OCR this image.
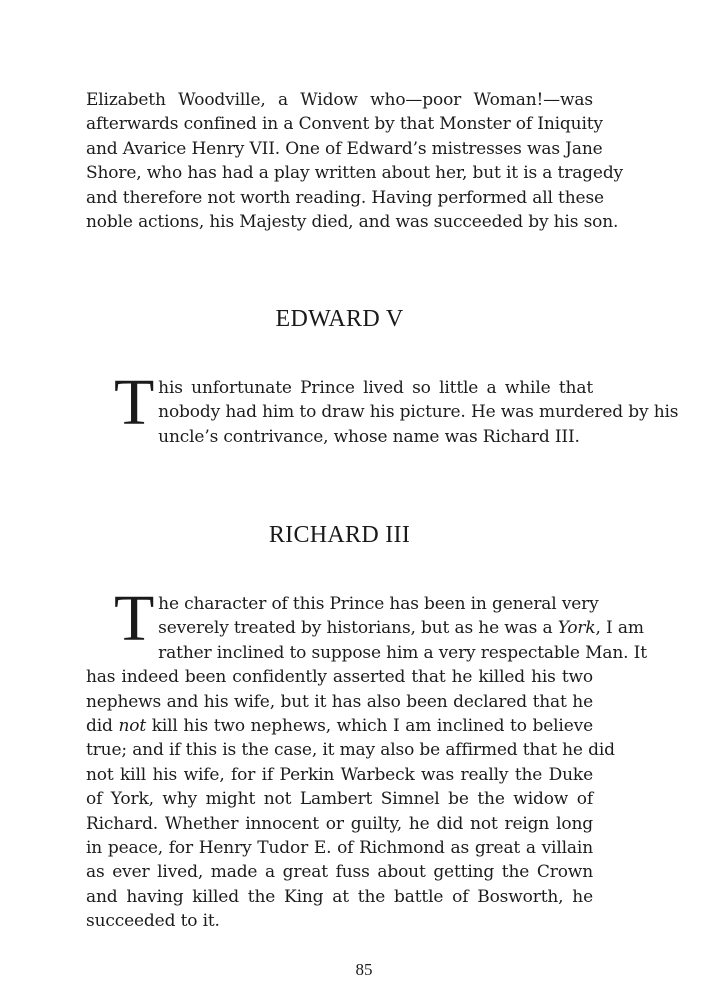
Elizabeth Woodville, a Widow who—poor Woman!—was
afterwards confined in a Convent by that Monster of Iniquity
and Avarice Henry VII. One of Edward’s mistresses was Jane
Shore, who has had a play written about her, but it is a tragedy
and therefore not worth reading. Having performed all these
noble actions, his Majesty died, and was succeeded by his son.
EDWARD V
T his unfortunate Prince lived so little a while that
nobody had him to draw his picture. He was murdered by his
uncle’s contrivance, whose name was Richard III.
RICHARD III
T he character of this Prince has been in general very
severely treated by historians, but as he was a York, I am
rather inclined to suppose him a very respectable Man. It
has indeed been confidently asserted that he killed his two
nephews and his wife, but it has also been declared that he
did not kill his two nephews, which I am inclined to believe
true; and if this is the case, it may also be affirmed that he did
not kill his wife, for if Perkin Warbeck was really the Duke
of York, why might not Lambert Simnel be the widow of
Richard. Whether innocent or guilty, he did not reign long
in peace, for Henry Tudor E. of Richmond as great a villain
as ever lived, made a great fuss about getting the Crown
and having killed the King at the battle of Bosworth, he
succeeded to it.
85
